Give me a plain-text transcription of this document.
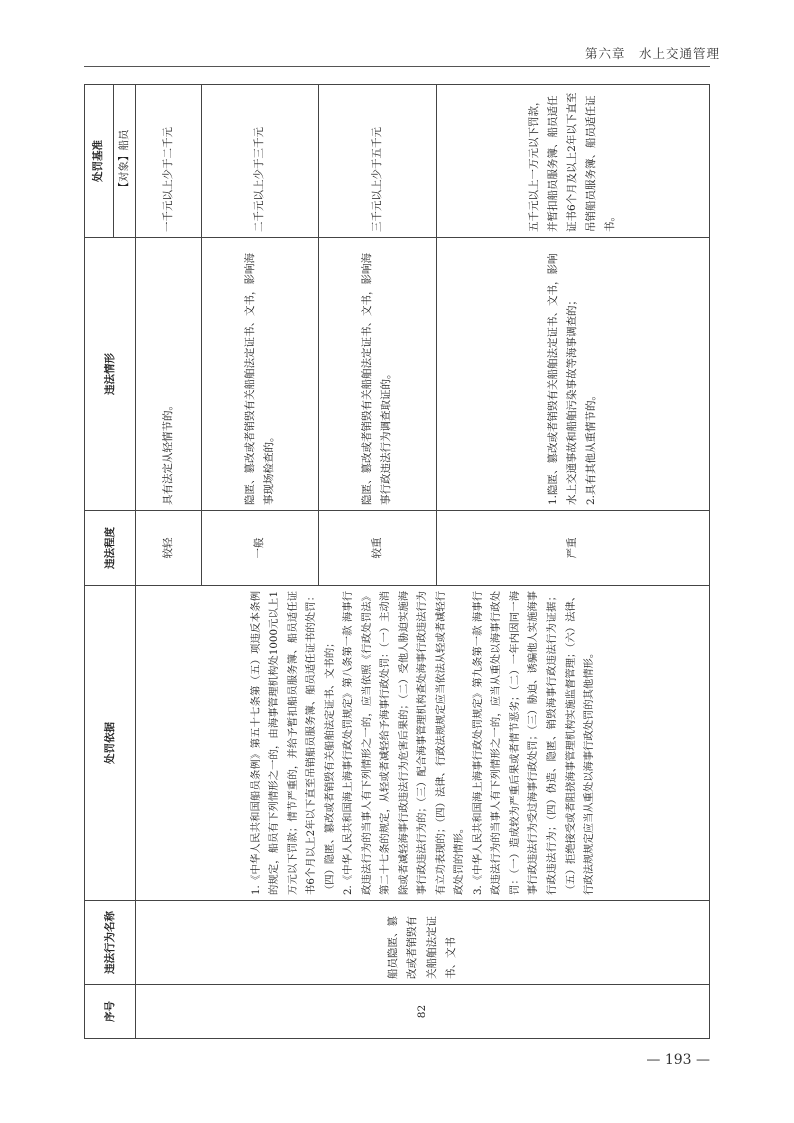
第六章　水上交通管理
序号	违法行为名称	处罚依据	违法程度	违法情形	处罚基准
					【对象】船员
82	船员隐匿、篡改或者销毁有关船舶法定证书、文书	1.《中华人民共和国船员条例》第五十七条第（五）项违反本条例的规定，船员有下列情形之一的，由海事管理机构处1000元以上1万元以下罚款；情节严重的，并给予暂扣船员服务簿、船员适任证书6个月以上2年以下直至吊销船员服务簿、船员适任证书的处罚：（四）隐匿、篡改或者销毁有关船舶法定证书、文书的； 2.《中华人民共和国海上海事行政处罚规定》第八条第一款 海事行政违法行为的当事人有下列情形之一的，应当依照《行政处罚法》第二十七条的规定，从轻或者减轻给予海事行政处罚：（一）主动消除或者减轻海事行政违法行为危害后果的；（二）受他人胁迫实施海事行政违法行为的；（三）配合海事管理机构查处海事行政违法行为有立功表现的；（四）法律、行政法规规定应当依法从轻或者减轻行政处罚的情形。 3.《中华人民共和国海上海事行政处罚规定》第九条第一款 海事行政违法行为的当事人有下列情形之一的，应当从重处以海事行政处罚：（一）造成较为严重后果或者情节恶劣；（二）一年内因同一海事行政违法行为受过海事行政处罚；（三）胁迫、诱骗他人实施海事行政违法行为；（四）伪造、隐匿、销毁海事行政违法行为证据；（五）拒绝接受或者阻挠海事管理机构实施监督管理；（六）法律、行政法规规定应当从重处以海事行政处罚的其他情形。	较轻	具有法定从轻情节的。	一千元以上少于二千元
			一般	隐匿、篡改或者销毁有关船舶法定证书、文书，影响海事现场检查的。	二千元以上少于三千元
			较重	隐匿、篡改或者销毁有关船舶法定证书、文书，影响海事行政违法行为调查取证的。	三千元以上少于五千元
			严重	1.隐匿、篡改或者销毁有关船舶法定证书、文书，影响水上交通事故和船舶污染事故等海事调查的； 2.具有其他从重情节的。	五千元以上一万元以下罚款，并暂扣船员服务簿、船员适任证书6个月及以上2年以下直至吊销船员服务簿、船员适任证书。
— 193 —
